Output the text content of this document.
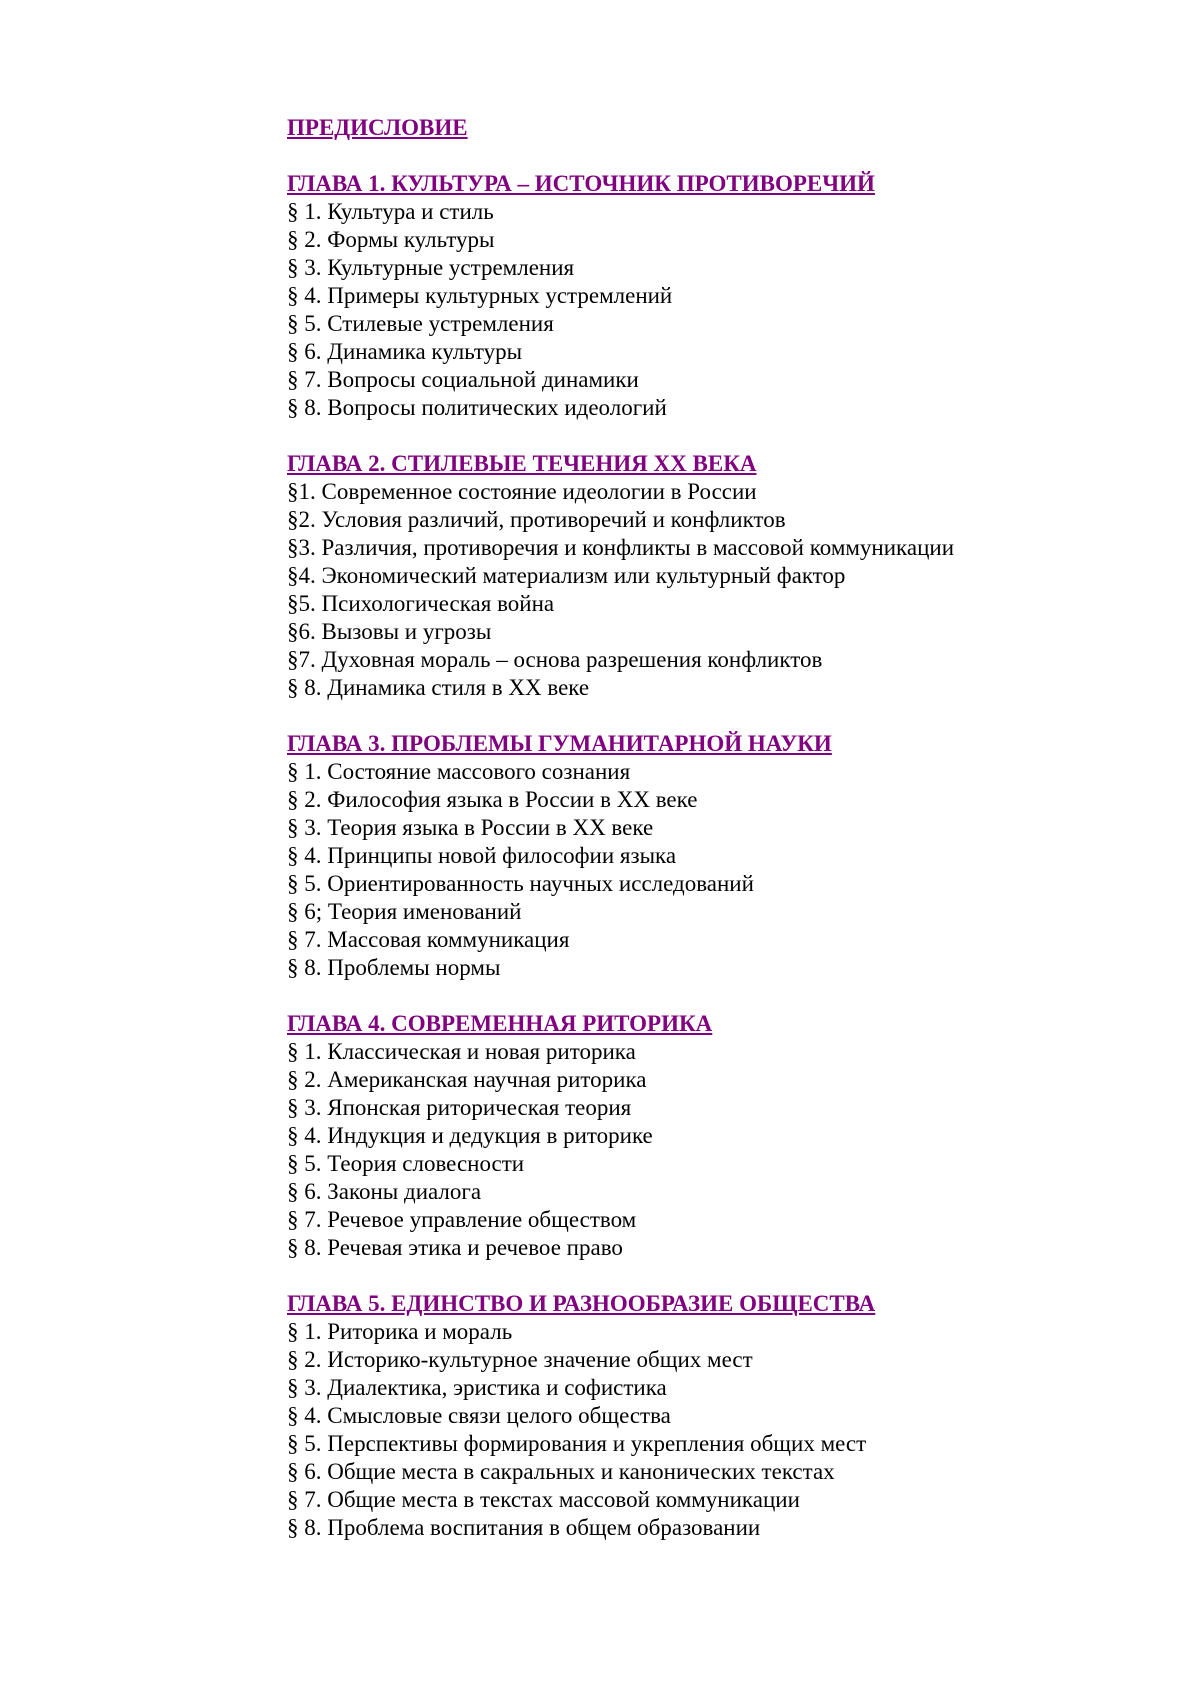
ПРЕДИСЛОВИЕ
ГЛАВА 1. КУЛЬТУРА – ИСТОЧНИК ПРОТИВОРЕЧИЙ
§ 1. Культура и стиль
§ 2. Формы культуры
§ 3. Культурные устремления
§ 4. Примеры культурных устремлений
§ 5. Стилевые устремления
§ 6. Динамика культуры
§ 7. Вопросы социальной динамики
§ 8. Вопросы политических идеологий
ГЛАВА 2. СТИЛЕВЫЕ ТЕЧЕНИЯ XX ВЕКА
§1. Современное состояние идеологии в России
§2. Условия различий, противоречий и конфликтов
§3. Различия, противоречия и конфликты в массовой коммуникации
§4. Экономический материализм или культурный фактор
§5. Психологическая война
§6. Вызовы и угрозы
§7. Духовная мораль – основа разрешения конфликтов
§ 8. Динамика стиля в XX веке
ГЛАВА 3. ПРОБЛЕМЫ ГУМАНИТАРНОЙ НАУКИ
§ 1. Состояние массового сознания
§ 2. Философия языка в России в XX веке
§ 3. Теория языка в России в XX веке
§ 4. Принципы новой философии языка
§ 5. Ориентированность научных исследований
§ 6; Теория именований
§ 7. Массовая коммуникация
§ 8. Проблемы нормы
ГЛАВА 4. СОВРЕМЕННАЯ РИТОРИКА
§ 1. Классическая и новая риторика
§ 2. Американская научная риторика
§ 3. Японская риторическая теория
§ 4. Индукция и дедукция в риторике
§ 5. Теория словесности
§ 6. Законы диалога
§ 7. Речевое управление обществом
§ 8. Речевая этика и речевое право
ГЛАВА 5. ЕДИНСТВО И РАЗНООБРАЗИЕ ОБЩЕСТВА
§ 1. Риторика и мораль
§ 2. Историко-культурное значение общих мест
§ 3. Диалектика, эристика и софистика
§ 4. Смысловые связи целого общества
§ 5. Перспективы формирования и укрепления общих мест
§ 6. Общие места в сакральных и канонических текстах
§ 7. Общие места в текстах массовой коммуникации
§ 8. Проблема воспитания в общем образовании
